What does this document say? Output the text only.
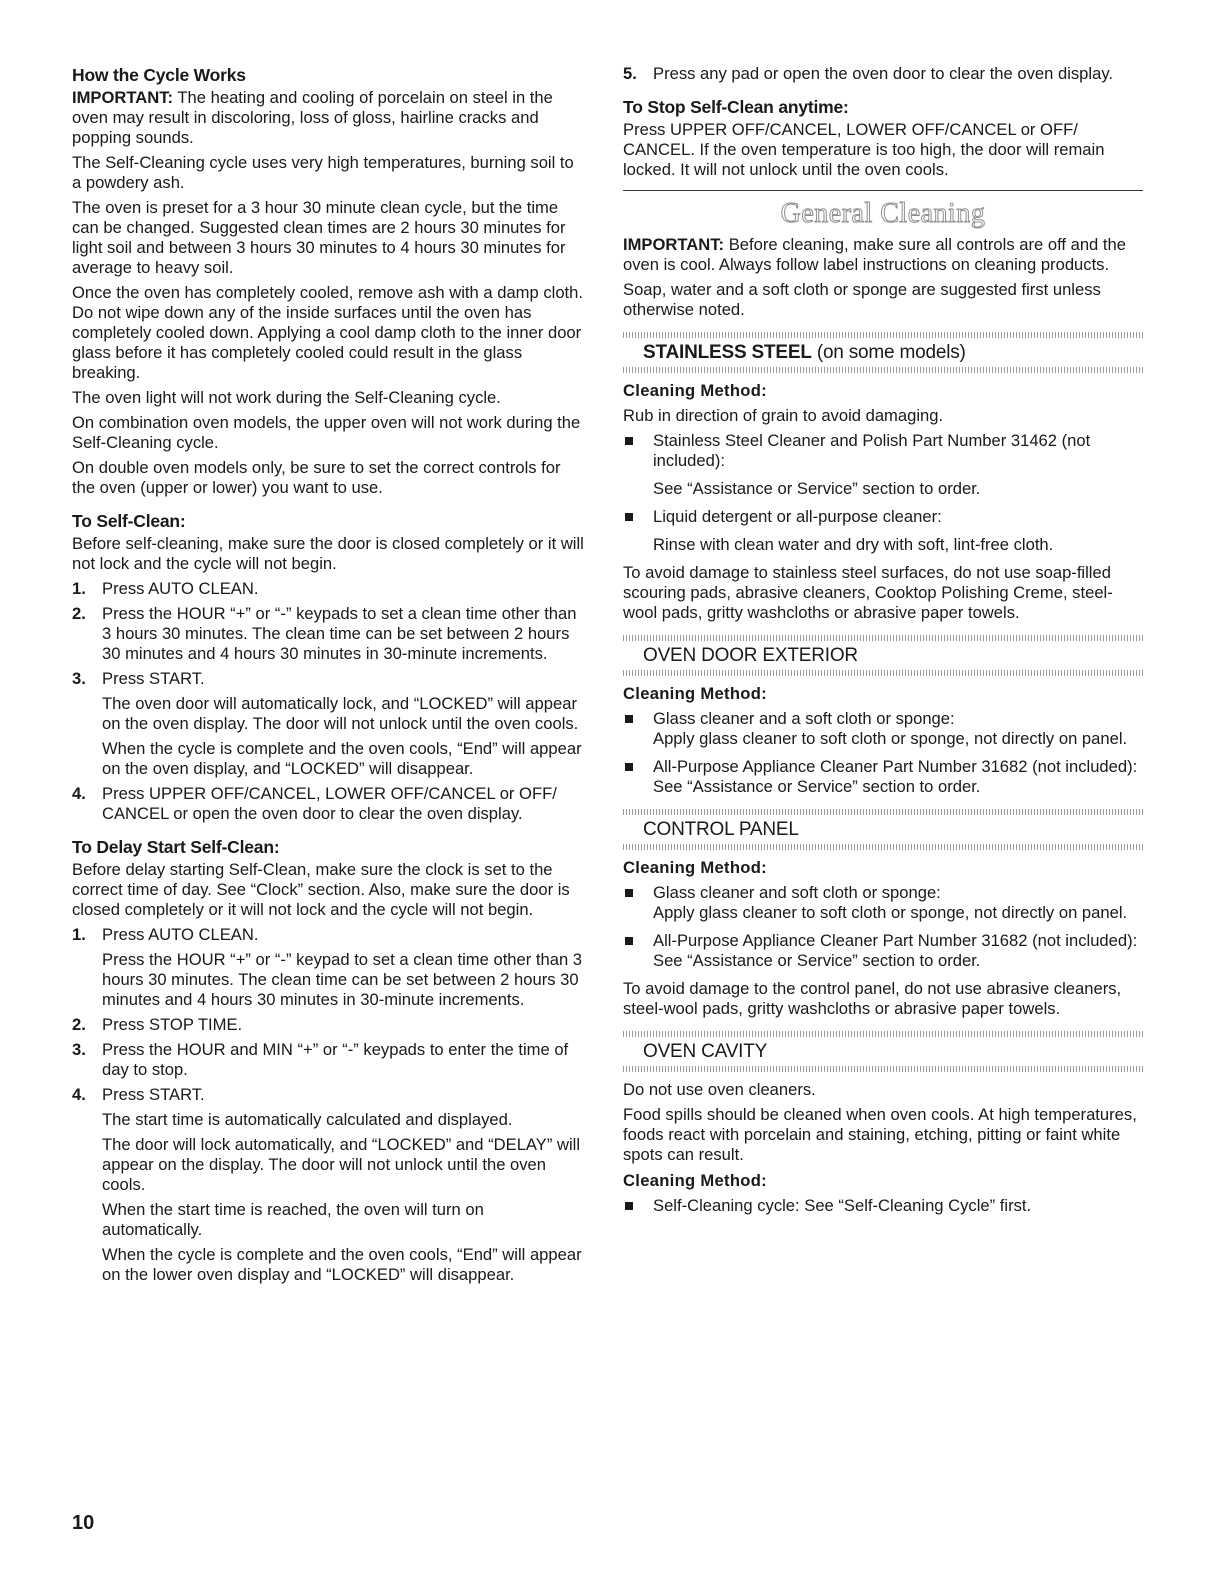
How the Cycle Works

IMPORTANT: The heating and cooling of porcelain on steel in the oven may result in discoloring, loss of gloss, hairline cracks and popping sounds.

The Self-Cleaning cycle uses very high temperatures, burning soil to a powdery ash.

The oven is preset for a 3 hour 30 minute clean cycle, but the time can be changed. Suggested clean times are 2 hours 30 minutes for light soil and between 3 hours 30 minutes to 4 hours 30 minutes for average to heavy soil.

Once the oven has completely cooled, remove ash with a damp cloth. Do not wipe down any of the inside surfaces until the oven has completely cooled down. Applying a cool damp cloth to the inner door glass before it has completely cooled could result in the glass breaking.

The oven light will not work during the Self-Cleaning cycle.

On combination oven models, the upper oven will not work during the Self-Cleaning cycle.

On double oven models only, be sure to set the correct controls for the oven (upper or lower) you want to use.

To Self-Clean:

Before self-cleaning, make sure the door is closed completely or it will not lock and the cycle will not begin.

1. Press AUTO CLEAN.
2. Press the HOUR “+” or “-” keypads to set a clean time other than 3 hours 30 minutes. The clean time can be set between 2 hours 30 minutes and 4 hours 30 minutes in 30-minute increments.
3. Press START.

The oven door will automatically lock, and “LOCKED” will appear on the oven display. The door will not unlock until the oven cools.

When the cycle is complete and the oven cools, “End” will appear on the oven display, and “LOCKED” will disappear.

4. Press UPPER OFF/CANCEL, LOWER OFF/CANCEL or OFF/ CANCEL or open the oven door to clear the oven display.
To Delay Start Self-Clean:

Before delay starting Self-Clean, make sure the clock is set to the correct time of day. See “Clock” section. Also, make sure the door is closed completely or it will not lock and the cycle will not begin.

1. Press AUTO CLEAN.

Press the HOUR “+” or “-” keypad to set a clean time other than 3 hours 30 minutes. The clean time can be set between 2 hours 30 minutes and 4 hours 30 minutes in 30-minute increments.

2. Press STOP TIME.
3. Press the HOUR and MIN “+” or “-” keypads to enter the time of day to stop.
4. Press START.

The start time is automatically calculated and displayed.

The door will lock automatically, and “LOCKED” and “DELAY” will appear on the display. The door will not unlock until the oven cools.

When the start time is reached, the oven will turn on automatically.

When the cycle is complete and the oven cools, “End” will appear on the lower oven display and “LOCKED” will disappear.

5. Press any pad or open the oven door to clear the oven display.
To Stop Self-Clean anytime:

Press UPPER OFF/CANCEL, LOWER OFF/CANCEL or OFF/ CANCEL. If the oven temperature is too high, the door will remain locked. It will not unlock until the oven cools.

General Cleaning

IMPORTANT: Before cleaning, make sure all controls are off and the oven is cool. Always follow label instructions on cleaning products.

Soap, water and a soft cloth or sponge are suggested first unless otherwise noted.

STAINLESS STEEL (on some models)
Cleaning Method:

Rub in direction of grain to avoid damaging.

Stainless Steel Cleaner and Polish Part Number 31462 (not included):

See “Assistance or Service” section to order.

Liquid detergent or all-purpose cleaner:

Rinse with clean water and dry with soft, lint-free cloth.

To avoid damage to stainless steel surfaces, do not use soap-filled scouring pads, abrasive cleaners, Cooktop Polishing Creme, steel-wool pads, gritty washcloths or abrasive paper towels.

OVEN DOOR EXTERIOR
Cleaning Method:
Glass cleaner and a soft cloth or sponge:
Apply glass cleaner to soft cloth or sponge, not directly on panel.
All-Purpose Appliance Cleaner Part Number 31682 (not included):
See “Assistance or Service” section to order.
CONTROL PANEL
Cleaning Method:
Glass cleaner and soft cloth or sponge:
Apply glass cleaner to soft cloth or sponge, not directly on panel.
All-Purpose Appliance Cleaner Part Number 31682 (not included):
See “Assistance or Service” section to order.

To avoid damage to the control panel, do not use abrasive cleaners, steel-wool pads, gritty washcloths or abrasive paper towels.

OVEN CAVITY

Do not use oven cleaners.

Food spills should be cleaned when oven cools. At high temperatures, foods react with porcelain and staining, etching, pitting or faint white spots can result.

Cleaning Method:
Self-Cleaning cycle: See “Self-Cleaning Cycle” first.
10
